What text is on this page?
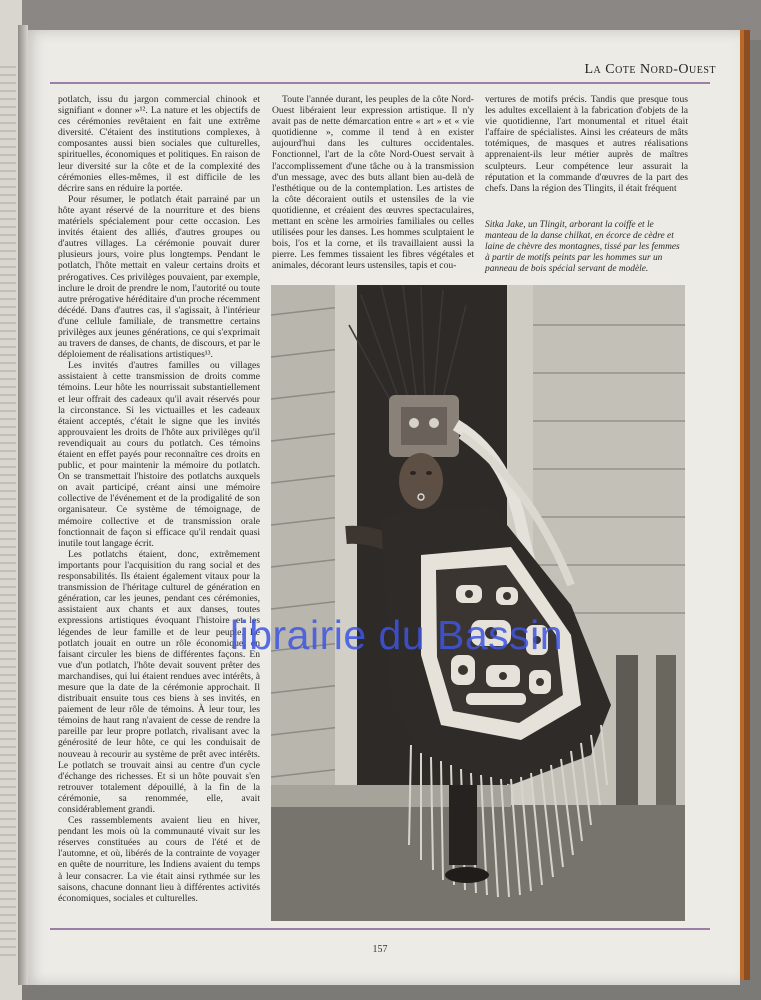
La Cote Nord-Ouest

potlatch, issu du jargon commercial chinook et signifiant « donner »¹². La nature et les objectifs de ces cérémonies revêtaient en fait une extrême diversité. C'étaient des institutions complexes, à composantes aussi bien sociales que culturelles, spirituelles, économiques et politiques. En raison de leur diversité sur la côte et de la complexité des cérémonies elles-mêmes, il est difficile de les décrire sans en réduire la portée.

Pour résumer, le potlatch était parrainé par un hôte ayant réservé de la nourriture et des biens matériels spécialement pour cette occasion. Les invités étaient des alliés, d'autres groupes ou d'autres villages. La cérémonie pouvait durer plusieurs jours, voire plus longtemps. Pendant le potlatch, l'hôte mettait en valeur certains droits et prérogatives. Ces privilèges pouvaient, par exemple, inclure le droit de prendre le nom, l'autorité ou toute autre prérogative héréditaire d'un proche récemment décédé. Dans d'autres cas, il s'agissait, à l'intérieur d'une cellule familiale, de transmettre certains privilèges aux jeunes générations, ce qui s'exprimait au travers de danses, de chants, de discours, et par le déploiement de réalisations artistiques¹³.

Les invités d'autres familles ou villages assistaient à cette transmission de droits comme témoins. Leur hôte les nourrissait substantiellement et leur offrait des cadeaux qu'il avait réservés pour la circonstance. Si les victuailles et les cadeaux étaient acceptés, c'était le signe que les invités approuvaient les droits de l'hôte aux privilèges qu'il revendiquait au cours du potlatch. Ces témoins étaient en effet payés pour reconnaître ces droits en public, et pour maintenir la mémoire du potlatch. On se transmettait l'histoire des potlatchs auxquels on avait participé, créant ainsi une mémoire collective de l'événement et de la prodigalité de son organisateur. Ce système de témoignage, de mémoire collective et de transmission orale fonctionnait de façon si efficace qu'il rendait quasi inutile tout langage écrit.

Les potlatchs étaient, donc, extrêmement importants pour l'acquisition du rang social et des responsabilités. Ils étaient également vitaux pour la transmission de l'héritage culturel de génération en génération, car les jeunes, pendant ces cérémonies, assistaient aux chants et aux danses, toutes expressions artistiques évoquant l'histoire et les légendes de leur famille et de leur peuple. Le potlatch jouait en outre un rôle économique, en faisant circuler les biens de différentes façons. En vue d'un potlatch, l'hôte devait souvent prêter des marchandises, qui lui étaient rendues avec intérêts, à mesure que la date de la cérémonie approchait. Il distribuait ensuite tous ces biens à ses invités, en paiement de leur rôle de témoins. À leur tour, les témoins de haut rang n'avaient de cesse de rendre la pareille par leur propre potlatch, rivalisant avec la générosité de leur hôte, ce qui les conduisait de nouveau à recourir au système de prêt avec intérêts. Le potlatch se trouvait ainsi au centre d'un cycle d'échange des richesses. Et si un hôte pouvait s'en retrouver totalement dépouillé, à la fin de la cérémonie, sa renommée, elle, avait considérablement grandi.

Ces rassemblements avaient lieu en hiver, pendant les mois où la communauté vivait sur les réserves constituées au cours de l'été et de l'automne, et où, libérés de la contrainte de voyager en quête de nourriture, les Indiens avaient du temps à leur consacrer. La vie était ainsi rythmée sur les saisons, chacune donnant lieu à différentes activités économiques, sociales et culturelles.

Toute l'année durant, les peuples de la côte Nord-Ouest libéraient leur expression artistique. Il n'y avait pas de nette démarcation entre « art » et « vie quotidienne », comme il tend à en exister aujourd'hui dans les cultures occidentales. Fonctionnel, l'art de la côte Nord-Ouest servait à l'accomplissement d'une tâche ou à la transmission d'un message, avec des buts allant bien au-delà de l'esthétique ou de la contemplation. Les artistes de la côte décoraient outils et ustensiles de la vie quotidienne, et créaient des œuvres spectaculaires, mettant en scène les armoiries familiales ou celles utilisées pour les danses. Les hommes sculptaient le bois, l'os et la corne, et ils travaillaient aussi la pierre. Les femmes tissaient les fibres végétales et animales, décorant leurs ustensiles, tapis et cou-

vertures de motifs précis. Tandis que presque tous les adultes excellaient à la fabrication d'objets de la vie quotidienne, l'art monumental et rituel était l'affaire de spécialistes. Ainsi les créateurs de mâts totémiques, de masques et autres réalisations apprenaient-ils leur métier auprès de maîtres sculpteurs. Leur compétence leur assurait la réputation et la commande d'œuvres de la part des chefs. Dans la région des Tlingits, il était fréquent

Sitka Jake, un Tlingit, arborant la coiffe et le manteau de la danse chilkat, en écorce de cèdre et laine de chèvre des montagnes, tissé par les femmes à partir de motifs peints par les hommes sur un panneau de bois spécial servant de modèle.
librairie du Bassin
157
